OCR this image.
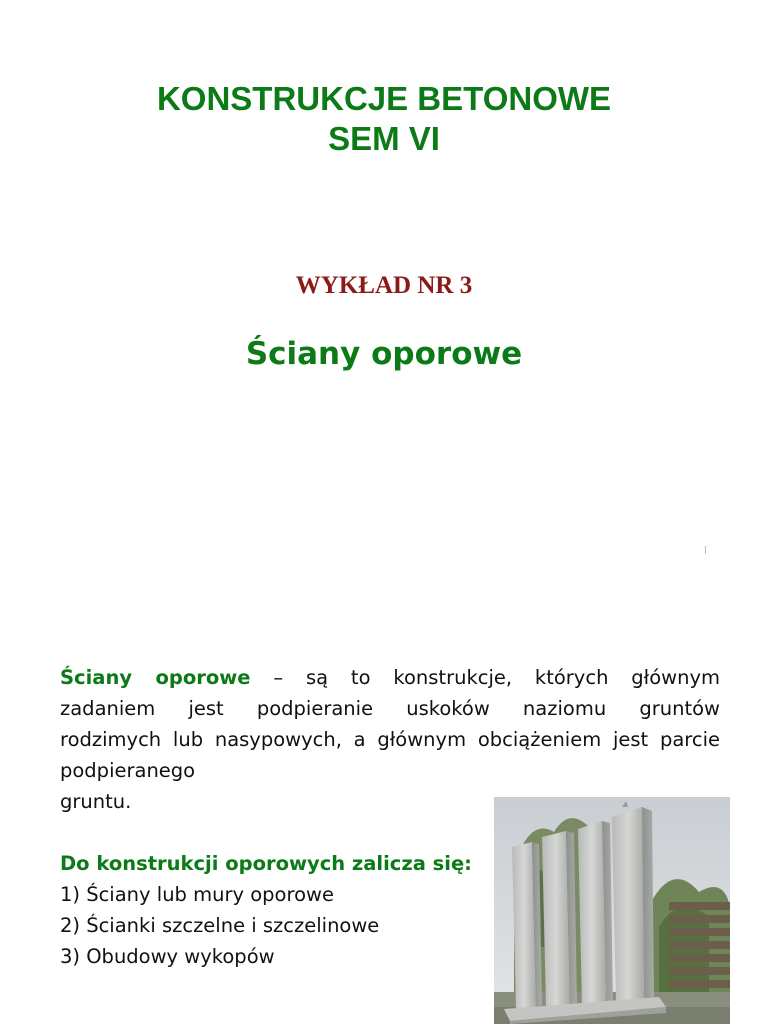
KONSTRUKCJE BETONOWE
SEM VI
WYKŁAD NR 3
Ściany oporowe
Ściany oporowe – są to konstrukcje, których głównym
zadaniem jest podpieranie uskoków naziomu gruntów
rodzimych lub nasypowych, a głównym obciążeniem jest parcie
podpieranego
gruntu.
Do konstrukcji oporowych zalicza się:
1) Ściany lub mury oporowe
2) Ścianki szczelne i szczelinowe
3) Obudowy wykopów
